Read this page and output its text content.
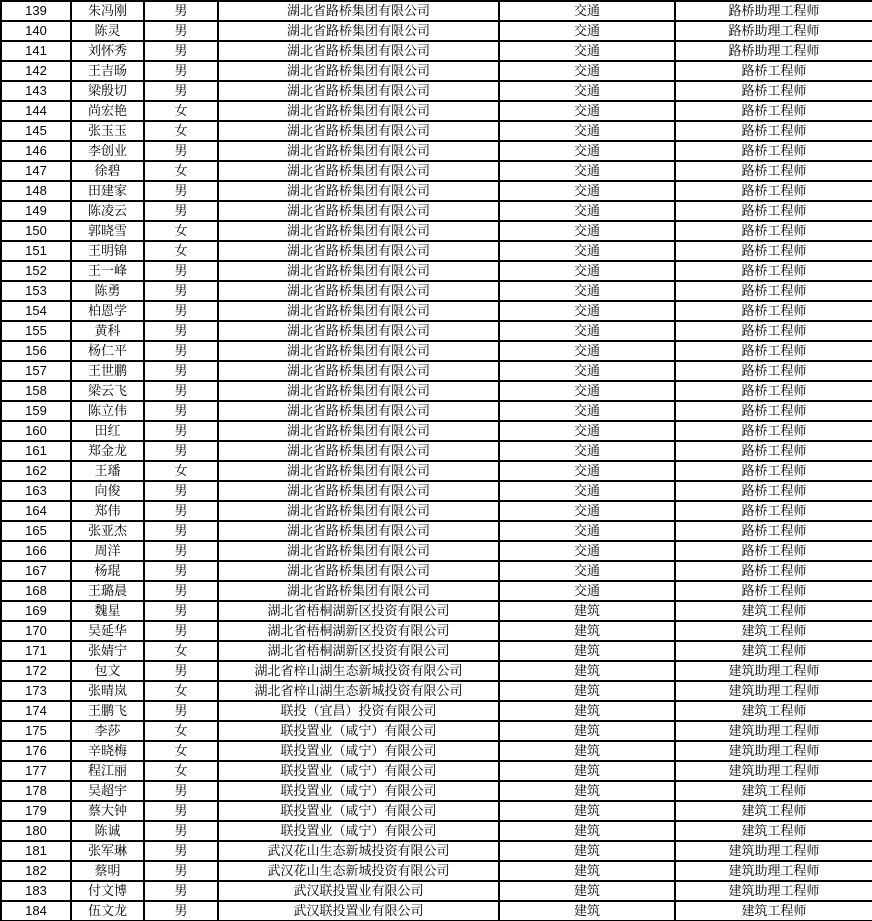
139	朱冯刚	男	湖北省路桥集团有限公司	交通	路桥助理工程师
140	陈灵	男	湖北省路桥集团有限公司	交通	路桥助理工程师
141	刘怀秀	男	湖北省路桥集团有限公司	交通	路桥助理工程师
142	王吉旸	男	湖北省路桥集团有限公司	交通	路桥工程师
143	梁殷切	男	湖北省路桥集团有限公司	交通	路桥工程师
144	尚宏艳	女	湖北省路桥集团有限公司	交通	路桥工程师
145	张玉玉	女	湖北省路桥集团有限公司	交通	路桥工程师
146	李创业	男	湖北省路桥集团有限公司	交通	路桥工程师
147	徐碧	女	湖北省路桥集团有限公司	交通	路桥工程师
148	田建家	男	湖北省路桥集团有限公司	交通	路桥工程师
149	陈凌云	男	湖北省路桥集团有限公司	交通	路桥工程师
150	郭晓雪	女	湖北省路桥集团有限公司	交通	路桥工程师
151	王明锦	女	湖北省路桥集团有限公司	交通	路桥工程师
152	王一峰	男	湖北省路桥集团有限公司	交通	路桥工程师
153	陈勇	男	湖北省路桥集团有限公司	交通	路桥工程师
154	柏恩学	男	湖北省路桥集团有限公司	交通	路桥工程师
155	黄科	男	湖北省路桥集团有限公司	交通	路桥工程师
156	杨仁平	男	湖北省路桥集团有限公司	交通	路桥工程师
157	王世鹏	男	湖北省路桥集团有限公司	交通	路桥工程师
158	梁云飞	男	湖北省路桥集团有限公司	交通	路桥工程师
159	陈立伟	男	湖北省路桥集团有限公司	交通	路桥工程师
160	田红	男	湖北省路桥集团有限公司	交通	路桥工程师
161	郑金龙	男	湖北省路桥集团有限公司	交通	路桥工程师
162	王璠	女	湖北省路桥集团有限公司	交通	路桥工程师
163	向俊	男	湖北省路桥集团有限公司	交通	路桥工程师
164	郑伟	男	湖北省路桥集团有限公司	交通	路桥工程师
165	张亚杰	男	湖北省路桥集团有限公司	交通	路桥工程师
166	周洋	男	湖北省路桥集团有限公司	交通	路桥工程师
167	杨琨	男	湖北省路桥集团有限公司	交通	路桥工程师
168	王璐晨	男	湖北省路桥集团有限公司	交通	路桥工程师
169	魏星	男	湖北省梧桐湖新区投资有限公司	建筑	建筑工程师
170	吴延华	男	湖北省梧桐湖新区投资有限公司	建筑	建筑工程师
171	张婧宁	女	湖北省梧桐湖新区投资有限公司	建筑	建筑工程师
172	包文	男	湖北省梓山湖生态新城投资有限公司	建筑	建筑助理工程师
173	张晴岚	女	湖北省梓山湖生态新城投资有限公司	建筑	建筑助理工程师
174	王鹏飞	男	联投（宜昌）投资有限公司	建筑	建筑工程师
175	李莎	女	联投置业（咸宁）有限公司	建筑	建筑助理工程师
176	辛晓梅	女	联投置业（咸宁）有限公司	建筑	建筑助理工程师
177	程江丽	女	联投置业（咸宁）有限公司	建筑	建筑助理工程师
178	吴超宇	男	联投置业（咸宁）有限公司	建筑	建筑工程师
179	蔡大钟	男	联投置业（咸宁）有限公司	建筑	建筑工程师
180	陈诚	男	联投置业（咸宁）有限公司	建筑	建筑工程师
181	张军琳	男	武汉花山生态新城投资有限公司	建筑	建筑助理工程师
182	蔡明	男	武汉花山生态新城投资有限公司	建筑	建筑助理工程师
183	付文博	男	武汉联投置业有限公司	建筑	建筑助理工程师
184	伍文龙	男	武汉联投置业有限公司	建筑	建筑工程师
